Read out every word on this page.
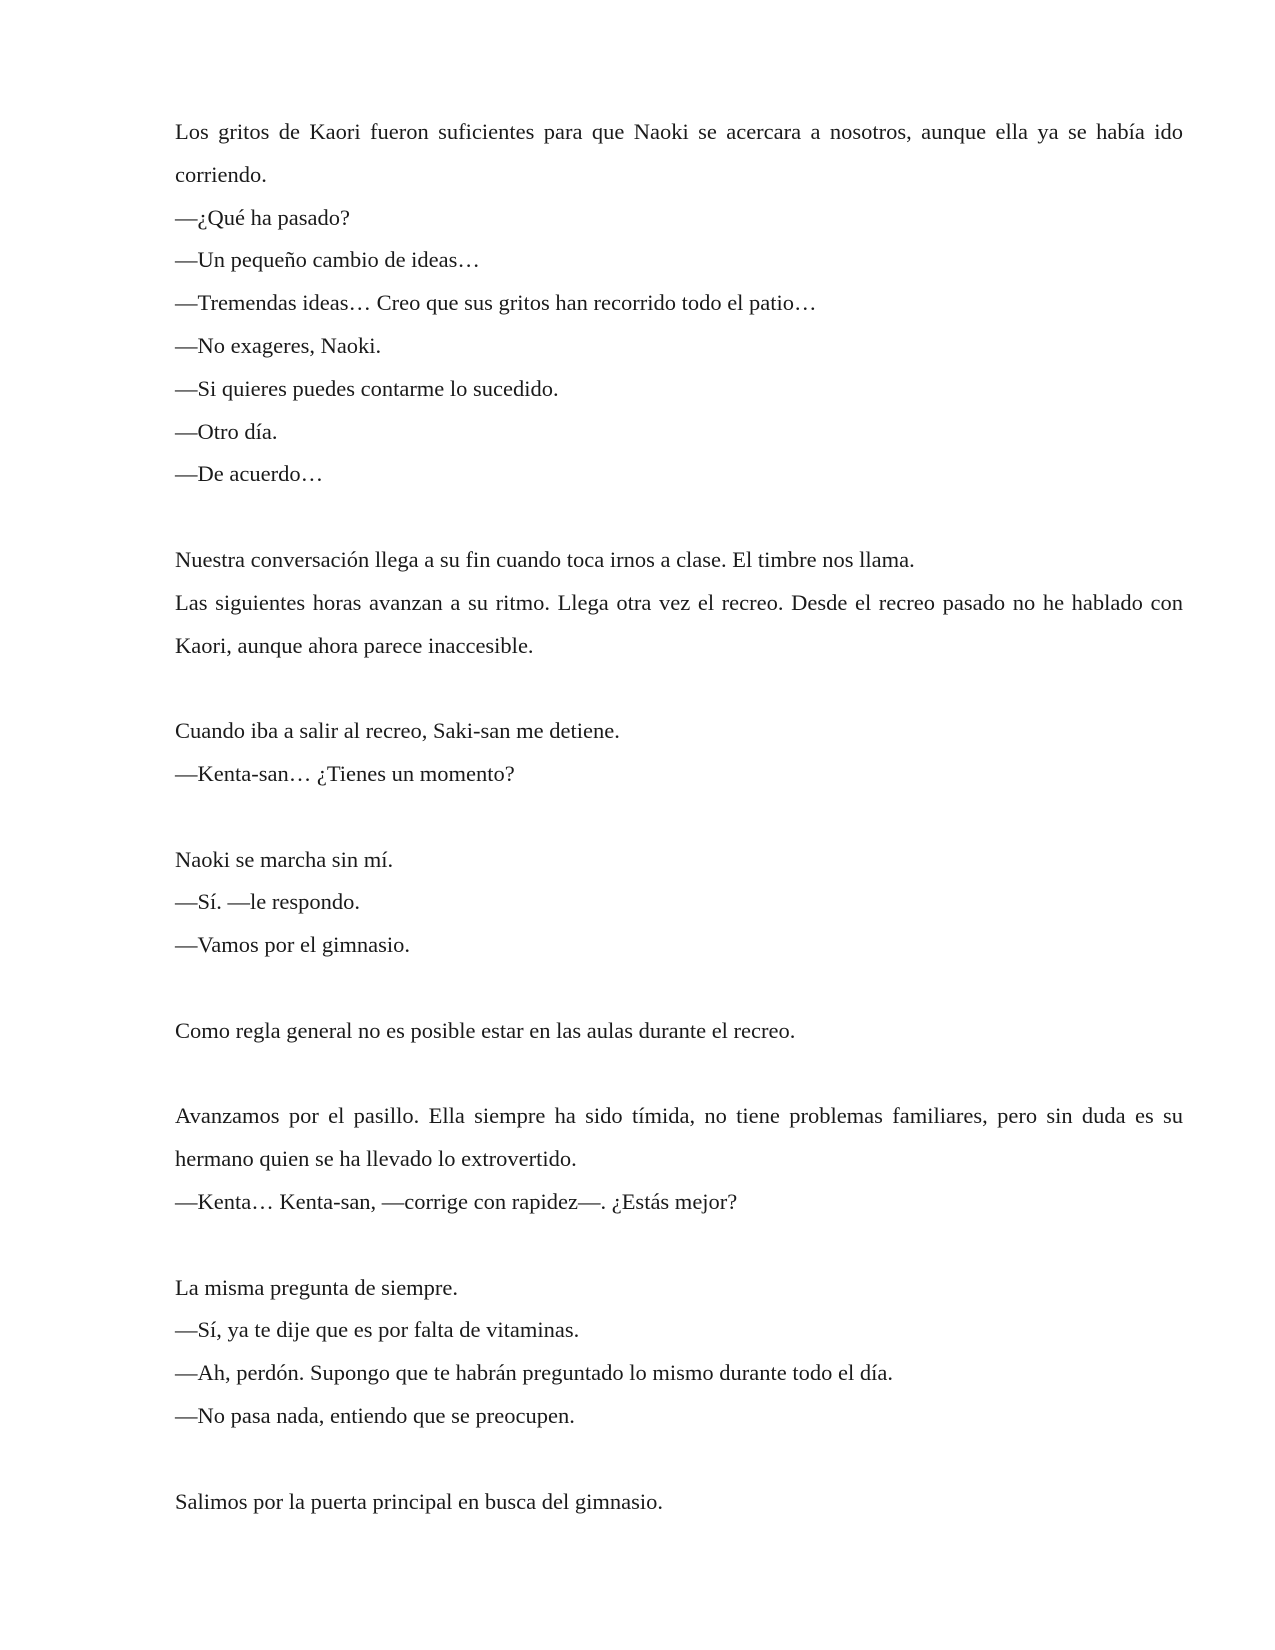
Los gritos de Kaori fueron suficientes para que Naoki se acercara a nosotros, aunque ella ya se había ido corriendo.

—¿Qué ha pasado?

—Un pequeño cambio de ideas…

—Tremendas ideas… Creo que sus gritos han recorrido todo el patio…

—No exageres, Naoki.

—Si quieres puedes contarme lo sucedido.

—Otro día.

—De acuerdo…

Nuestra conversación llega a su fin cuando toca irnos a clase. El timbre nos llama.

Las siguientes horas avanzan a su ritmo. Llega otra vez el recreo. Desde el recreo pasado no he hablado con Kaori, aunque ahora parece inaccesible.

Cuando iba a salir al recreo, Saki-san me detiene.

—Kenta-san… ¿Tienes un momento?

Naoki se marcha sin mí.

—Sí. —le respondo.

—Vamos por el gimnasio.

Como regla general no es posible estar en las aulas durante el recreo.

Avanzamos por el pasillo. Ella siempre ha sido tímida, no tiene problemas familiares, pero sin duda es su hermano quien se ha llevado lo extrovertido.

—Kenta… Kenta-san, —corrige con rapidez—. ¿Estás mejor?

La misma pregunta de siempre.

—Sí, ya te dije que es por falta de vitaminas.

—Ah, perdón. Supongo que te habrán preguntado lo mismo durante todo el día.

—No pasa nada, entiendo que se preocupen.

Salimos por la puerta principal en busca del gimnasio.
